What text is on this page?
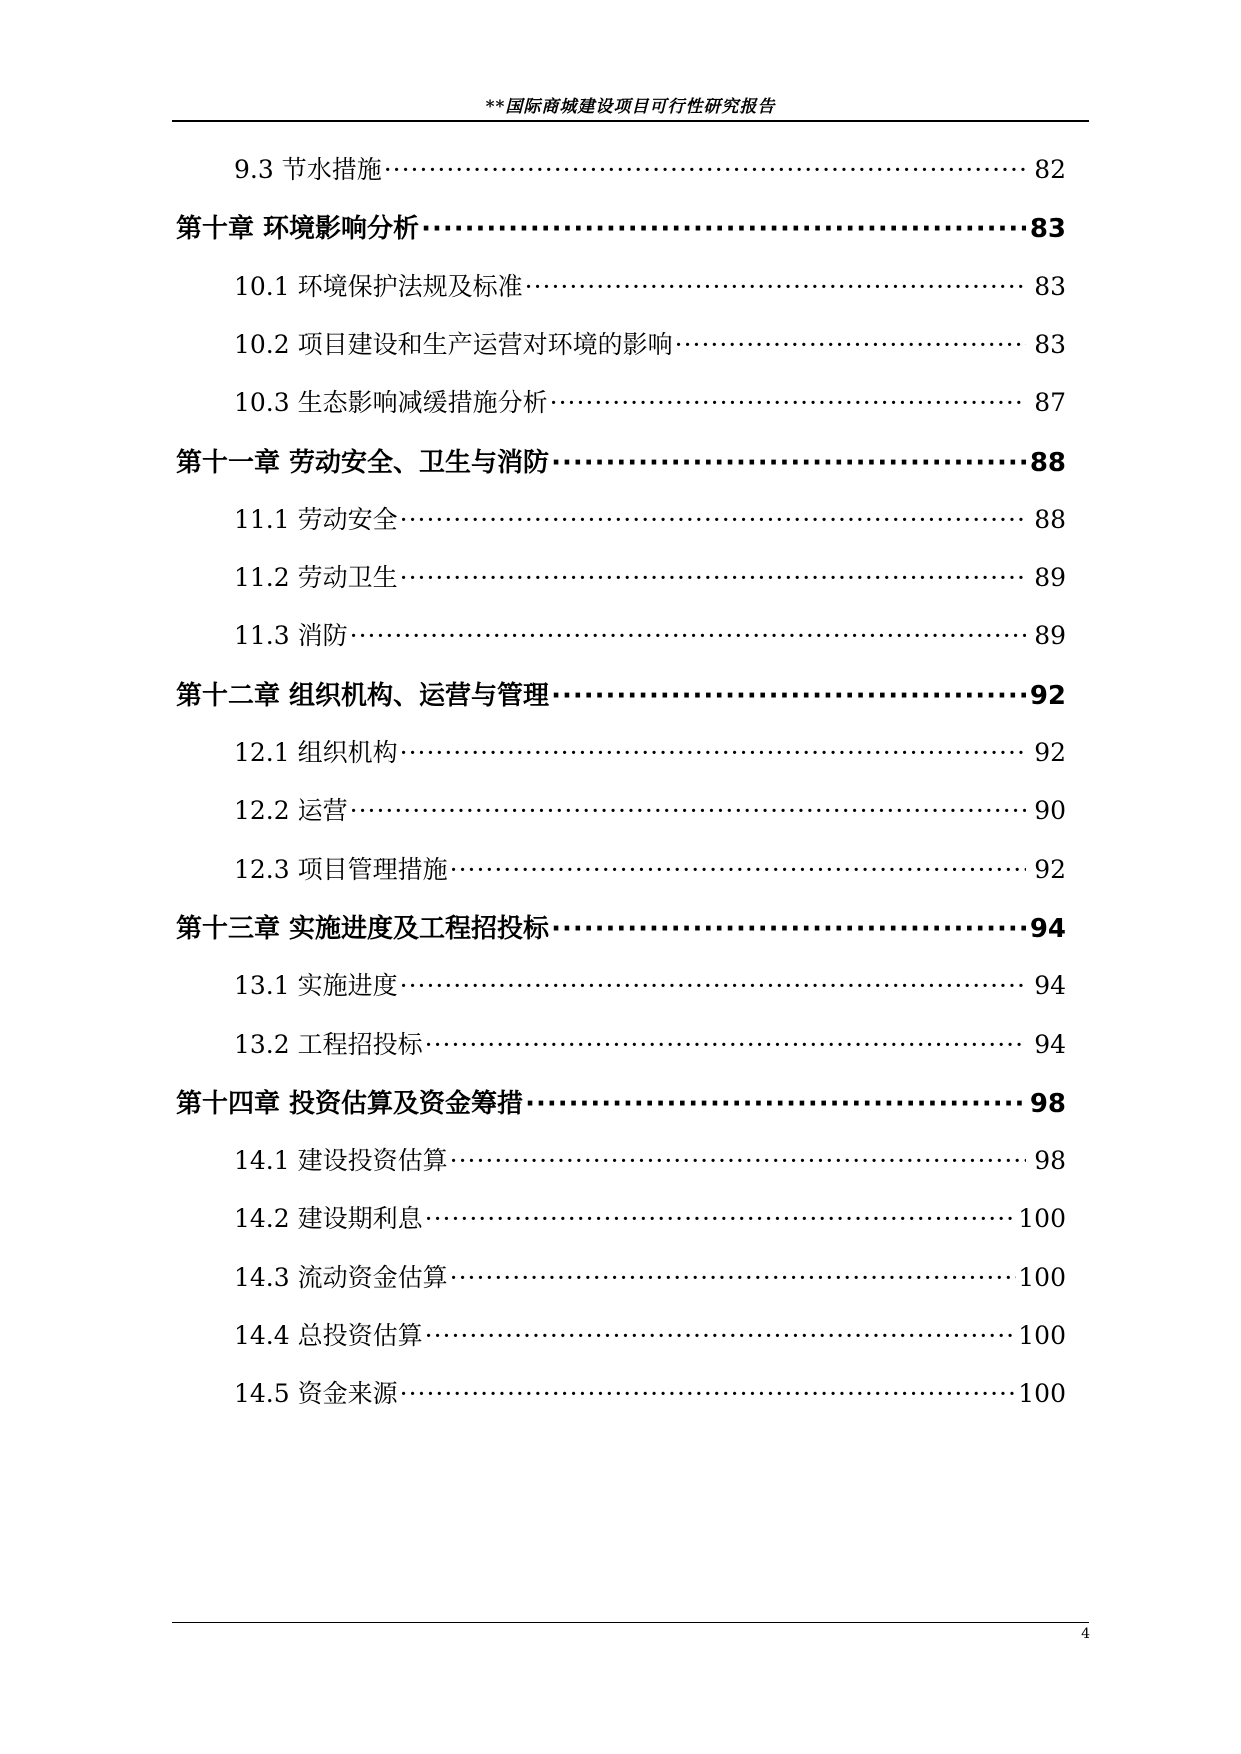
**国际商城建设项目可行性研究报告
9.3 节水措施 ·····	82
第十章 环境影响分析 ·····	83
10.1 环境保护法规及标准 ·····	83
10.2 项目建设和生产运营对环境的影响 ·····	83
10.3 生态影响减缓措施分析 ·····	87
第十一章 劳动安全、卫生与消防 ·····	88
11.1 劳动安全 ·····	88
11.2 劳动卫生 ·····	89
11.3 消防 ·····	89
第十二章 组织机构、运营与管理 ·····	92
12.1 组织机构 ·····	92
12.2 运营 ·····	90
12.3 项目管理措施 ·····	92
第十三章 实施进度及工程招投标 ·····	94
13.1 实施进度 ·····	94
13.2 工程招投标 ·····	94
第十四章 投资估算及资金筹措 ·····	98
14.1 建设投资估算 ·····	98
14.2 建设期利息 ·····	100
14.3 流动资金估算 ·····	100
14.4 总投资估算 ·····	100
14.5 资金来源 ·····	100
4
